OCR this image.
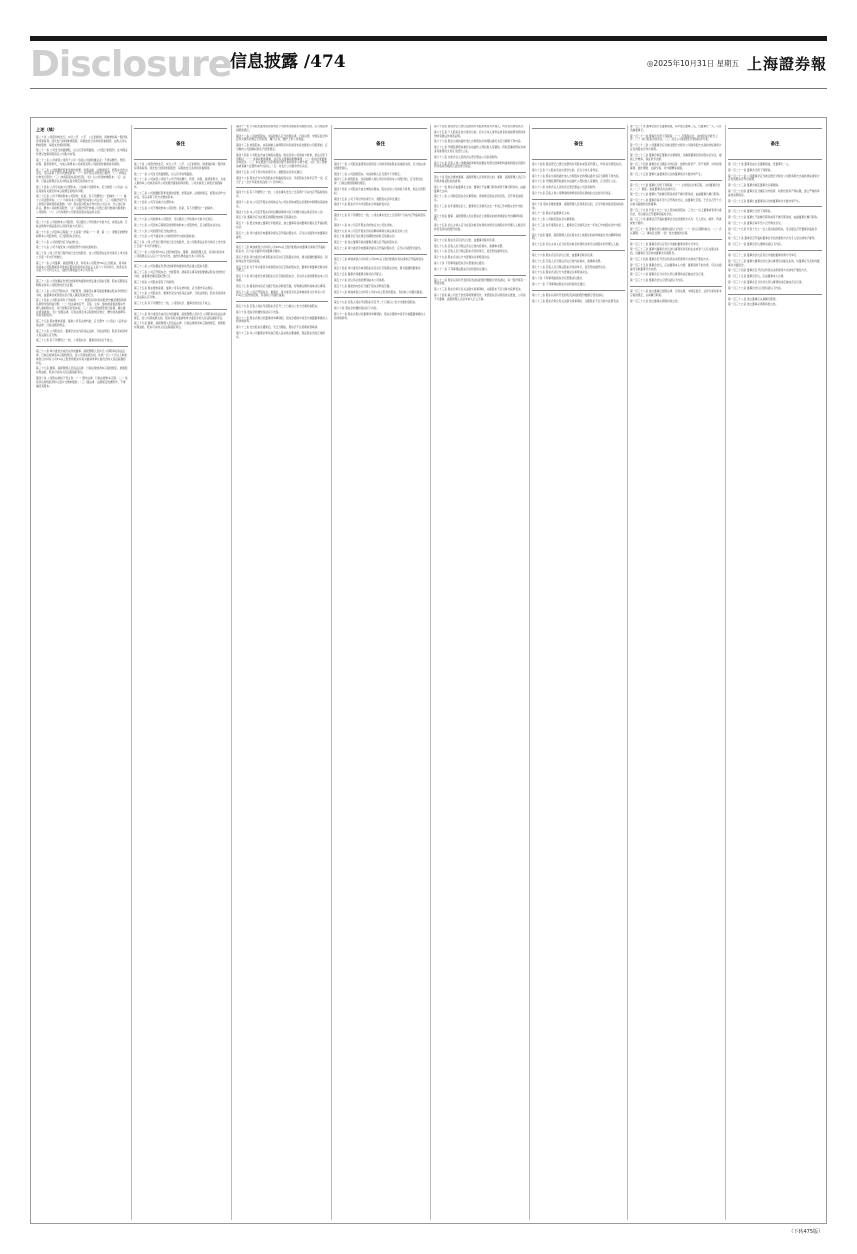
Disclosure
信息披露 /474	◎2025年10月31日 星期五 上海證券報
上述（续）

第二十条 公司股份的发行，实行公开、公平、公正的原则，同种类的每一股份具有同等权利。同次发行的同种类股票，每股的发行条件和价格相同；认购人所认购的股份，每股支付相同价额。

第二十一条 公司发行的面额股，以人民币标明面值。公司发行的股份，在中国证券登记结算有限责任公司集中存管。

第二十二条 公司或者公司的子公司（包括公司的附属企业）不得以赠与、垫资、担保、借款等形式，为他人取得本公司或者其母公司的股份提供财务资助。

第二十三条 公司根据经营和发展的需要，依照法律、法规的规定，经股东会作出决议，可以采用下列方式增加资本：（一）向不特定对象发行股份；（二）向特定对象发行股份；（三）向现有股东派送红股；（四）以公积金转增股本；（五）法律、行政法规规定以及中国证监会规定的其他方式。

第二十四条 公司可以减少注册资本。公司减少注册资本，应当按照《公司法》以及其他有关规定和本章程规定的程序办理。

第二十五条 公司不得收购本公司股份。但是，有下列情形之一的除外：（一）减少公司注册资本；（二）与持有本公司股份的其他公司合并；（三）将股份用于员工持股计划或者股权激励；（四）股东因对股东会作出的公司合并、分立决议持异议，要求公司收购其股份；（五）将股份用于转换公司发行的可转换为股票的公司债券；（六）公司为维护公司价值及股东权益所必需。

第二十六条 公司收购本公司股份，可以通过公开的集中交易方式，或者法律、行政法规和中国证监会认可的其他方式进行。

第二十七条 公司因本章程第二十五条第一款第（一）项、第（二）项规定的情形收购本公司股份的，应当经股东会决议。

第二十八条 公司的股份应当依法转让。

第二十九条 公司不接受本公司的股份作为质权的标的。

第三十条 公司公开发行股份前已发行的股份，自公司股票在证券交易所上市交易之日起一年内不得转让。

第三十一条 公司董事、高级管理人员、持有本公司股份5%以上的股东，将其持有的本公司股票或者其他具有股权性质的证券在买入后六个月内卖出，或者在卖出后六个月内又买入，由此所得收益归本公司所有。

第三十二条 公司依据证券登记结算机构提供的凭证建立股东名册，股东名册是证明股东持有公司股份的充分证据。

第三十三条 公司召开股东会、分配股利、清算及从事其他需要确认股东身份的行为时，由董事会或者股东会召集人确定股权登记日。

第三十四条 公司股东享有下列权利：（一）依照其所持有的股份份额获得股利和其他形式的利益分配；（二）依法请求召开、召集、主持、参加或者委派股东代理人参加股东会，并行使相应的表决权；（三）对公司的经营进行监督，提出建议或者质询；（四）依照法律、行政法规及本章程的规定转让、赠与或者质押其所持有的股份。

第三十五条 股东要求查阅、复制公司有关材料的，应当遵守《公司法》《证券法》等法律、行政法规的规定。

第三十六条 公司股东会、董事会决议内容违反法律、行政法规的，股东有权请求人民法院认定无效。

第三十七条 有下列情形之一的，公司股东会、董事会的决议不成立。

第三十八条 审计委员会成员以外的董事、高级管理人员执行公司职务时违反法律、行政法规或者本章程的规定，给公司造成损失的，连续一百八十日以上单独或者合计持有公司1%以上股份的股东有权书面请求审计委员会向人民法院提起诉讼。

第三十九条 董事、高级管理人员违反法律、行政法规或者本章程的规定，损害股东利益的，股东可以向人民法院提起诉讼。

第四十条 公司股东承担下列义务：（一）遵守法律、行政法规和本章程；（二）依其所认购的股份和入股方式缴纳股款；（三）除法律、法规规定的情形外，不得抽回其股本。

备注

第二十条 公司股份的发行，实行公开、公平、公正的原则，同类别的每一股份具有同等权利。同次发行的同类别股份，每股的发行条件和价格相同。

第二十一条 公司发行的面额股，以人民币标明面值。

第二十二条 公司或者公司的子公司不得以赠与、垫资、担保、借款等形式，为他人取得本公司或者其母公司的股份提供财务资助，公司实施员工持股计划的除外。

第二十三条 公司根据经营和发展的需要，依照法律、法规的规定，经股东会作出决议，可以采用下列方式增加资本。

第二十四条 公司可以减少注册资本。

第二十五条 公司不得收购本公司股份。但是，有下列情形之一的除外。

第二十六条 公司收购本公司股份，可以通过公开的集中交易方式进行。

第二十七条 公司因本章程规定的情形收购本公司股份的，应当经股东会决议。

第二十八条 公司的股份应当依法转让。

第二十九条 公司不接受本公司的股份作为质权的标的。

第三十条 公司公开发行股份前已发行的股份，自公司股票在证券交易所上市交易之日起一年内不得转让。

第三十一条 公司持有5%以上股份的股东、董事、高级管理人员，将其持有的本公司股票在买入后六个月内卖出，由此所得收益归本公司所有。

第三十二条 公司依据证券登记结算机构提供的凭证建立股东名册。

第三十三条 公司召开股东会、分配股利、清算及从事其他需要确认股东身份的行为时，由董事会确定股权登记日。

第三十四条 公司股东享有下列权利。

第三十五条 股东要求查阅、复制公司有关材料的，应当遵守有关规定。

第三十六条 公司股东会、董事会决议内容违反法律、行政法规的，股东有权请求人民法院认定无效。

第三十七条 有下列情形之一的，公司股东会、董事会的决议不成立。

第三十八条 审计委员会成员以外的董事、高级管理人员执行公司职务时违反法律规定，给公司造成损失的，股东有权书面请求审计委员会向人民法院提起诉讼。

第三十九条 董事、高级管理人员违反法律、行政法规或者本章程的规定，损害股东利益的，股东可以向人民法院提起诉讼。

第四十一条 公司股东滥用股东权利给公司或者其他股东造成损失的，应当依法承担赔偿责任。

第四十二条 公司控股股东、实际控制人应当依照法律、行政法规、中国证监会和证券交易所的规定行使权利、履行义务，维护上市公司利益。

第四十三条 控股股东、实际控制人质押其所持有或者实际支配的公司股票的，应当维持公司控制权和生产经营稳定。

第四十四条 公司股东会由全体股东组成。股东会是公司的权力机构，依法行使下列职权：（一）选举和更换董事，决定有关董事的报酬事项；（二）审议批准董事会的报告；（三）审议批准公司的利润分配方案和弥补亏损方案；（四）对公司增加或者减少注册资本作出决议；（五）对发行公司债券作出决议。

第四十五条 公司下列对外担保行为，须经股东会审议通过。

第四十六条 股东会分为年度股东会和临时股东会。年度股东会每年召开一次，应当于上一会计年度结束后的六个月内举行。

第四十七条 有下列情形之一的，公司在事实发生之日起两个月以内召开临时股东会。

第四十八条 本公司召开股东会的地点为公司住所地或股东会通知中载明的其他地点。

第四十九条 本公司召开股东会时将聘请律师对以下问题出具法律意见并公告。

第五十条 董事会应当在规定的期限内按时召集股东会。

第五十一条 经全体独立董事过半数同意，独立董事有权向董事会提议召开临时股东会。

第五十二条 审计委员会向董事会提议召开临时股东会，应当以书面形式向董事会提出。

第五十三条 单独或者合计持有公司10%以上股份的股东向董事会请求召开临时股东会，应当以书面形式向董事会提出。

第五十四条 审计委员会或者股东决定自行召集股东会的，须书面通知董事会，同时向证券交易所备案。

第五十五条 对于审计委员会或者股东自行召集的股东会，董事会和董事会秘书将予配合。

第五十六条 审计委员会或者股东自行召集的股东会，会议所必需的费用由本公司承担。

第五十七条 提案的内容应当属于股东会职权范围，有明确议题和具体决议事项。

第五十八条 公司召开股东会，董事会、审计委员会以及单独或者合计持有公司1%以上股份的股东，有权向公司提出提案。

第五十九条 召集人将在年度股东会召开二十日前以公告方式通知各股东。

第六十条 股东会的通知包括以下内容。

第六十一条 股东会拟讨论董事选举事项的，股东会通知中将充分披露董事候选人的详细资料。

第六十二条 发出股东会通知后，无正当理由，股东会不应延期或者取消。

第六十三条 本公司董事会和其他召集人将采取必要措施，保证股东会的正常秩序。

备注

第四十一条 公司股东滥用股东权利给公司或者其他股东造成损失的，应当依法承担赔偿责任。

第四十二条 公司控股股东、实际控制人应当遵守下列规定。

第四十三条 控股股东、实际控制人转让其所持有的本公司股份的，应当遵守法律、行政法规的限制性规定。

第四十四条 公司股东会由全体股东组成。股东会是公司的权力机构，依法行使职权。

第四十五条 公司下列对外担保行为，须经股东会审议通过。

第四十六条 股东会分为年度股东会和临时股东会。

第四十七条 有下列情形之一的，公司在事实发生之日起两个月以内召开临时股东会。

第四十八条 本公司召开股东会的地点为公司住所地。

第四十九条 本公司召开股东会时将聘请律师出具法律意见并公告。

第五十条 董事会应当在规定的期限内按时召集股东会。

第五十一条 独立董事有权向董事会提议召开临时股东会。

第五十二条 审计委员会向董事会提议召开临时股东会，应当以书面形式提出。

第五十三条 单独或者合计持有公司10%以上股份的股东有权请求召开临时股东会。

第五十四条 审计委员会或者股东决定自行召集股东会的，须书面通知董事会。

第五十五条 董事会和董事会秘书将予配合。

第五十六条 会议所必需的费用由本公司承担。

第五十七条 提案的内容应当属于股东会职权范围。

第五十八条 单独或者合计持有公司1%以上股份的股东，有权向公司提出提案。

第五十九条 召集人将在年度股东会召开二十日前以公告方式通知各股东。

第六十条 股东会的通知包括以下内容。

第六十一条 股东会拟讨论董事选举事项的，股东会通知中将充分披露董事候选人的详细资料。

第六十四条 股权登记日登记在册的所有股东或者其代理人，均有权出席股东会。

第六十五条 个人股东亲自出席会议的，应出示本人身份证或者其他能够表明其身份的有效证件或者证明。

第六十六条 股东出具的委托他人出席股东会的授权委托书应当载明下列内容。

第六十七条 代理投票授权委托书由委托人授权他人签署的，授权签署的授权书或者其他授权文件应当经过公证。

第六十八条 出席会议人员的会议登记册由公司负责制作。

第六十九条 召集人和公司聘请的律师将依据证券登记结算机构提供的股东名册共同对股东资格的合法性进行验证。

第七十条 股东会要求董事、高级管理人员列席会议的，董事、高级管理人员应当列席并接受股东的质询。

第七十一条 股东会由董事长主持。董事长不能履行职务或者不履行职务时，由副董事长主持。

第七十二条 公司制定股东会议事规则，详细规定股东会的召集、召开和表决程序。

第七十三条 在年度股东会上，董事会应当就其过去一年的工作向股东会作出报告。

第七十四条 董事、高级管理人员在股东会上就股东的质询和建议作出解释和说明。

第七十五条 会议主持人应当在表决前宣布现场出席会议的股东和代理人人数及所持有表决权的股份总数。

第七十六条 股东会应有会议记录，由董事会秘书负责。

第七十七条 召集人应当保证会议记录内容真实、准确和完整。

第七十八条 召集人应当保证股东会连续举行，直至形成最终决议。

第七十九条 股东会决议分为普通决议和特别决议。

第八十条 下列事项由股东会以普通决议通过。

第八十一条 下列事项由股东会以特别决议通过。

第八十二条 股东以其所代表的有表决权的股份数额行使表决权，每一股份享有一票表决权。

第八十三条 股东会审议有关关联交易事项时，关联股东不应当参与投票表决。

第八十四条 除公司处于危机等特殊情况外，非经股东会以特别决议批准，公司将不与董事、高级管理人员以外的人订立合同。

备注

第六十四条 股权登记日登记在册的所有股东或者其代理人，均有权出席股东会。

第六十五条 个人股东亲自出席会议的，应出示本人身份证。

第六十六条 股东出具的委托他人出席股东会的授权委托书应当载明下列内容。

第六十七条 代理投票授权委托书由委托人授权他人签署的，应当经过公证。

第六十八条 出席会议人员的会议登记册由公司负责制作。

第六十九条 召集人和公司聘请的律师将对股东资格的合法性进行验证。

第七十条 股东会要求董事、高级管理人员列席会议的，应当列席并接受股东的质询。

第七十一条 股东会由董事长主持。

第七十二条 公司制定股东会议事规则。

第七十三条 在年度股东会上，董事会应当就其过去一年的工作向股东会作出报告。

第七十四条 董事、高级管理人员在股东会上就股东的质询和建议作出解释和说明。

第七十五条 会议主持人应当在表决前宣布现场出席会议的股东和代理人人数。

第七十六条 股东会应有会议记录，由董事会秘书负责。

第七十七条 召集人应当保证会议记录内容真实、准确和完整。

第七十八条 召集人应当保证股东会连续举行，直至形成最终决议。

第七十九条 股东会决议分为普通决议和特别决议。

第八十条 下列事项由股东会以普通决议通过。

第八十一条 下列事项由股东会以特别决议通过。

第八十二条 股东以其所代表的有表决权的股份数额行使表决权。

第八十三条 股东会审议有关关联交易事项时，关联股东不应当参与投票表决。

第一百二十条 董事会由九名董事组成，其中独立董事三名，设董事长一人，可以设副董事长。

第一百二十一条 董事会行使下列职权：（一）召集股东会，并向股东会报告工作；（二）执行股东会的决议；（三）决定公司的经营计划和投资方案。

第一百二十二条 公司董事会应当就注册会计师对公司财务报告出具的非标准审计意见向股东会作出说明。

第一百二十三条 董事会制定董事会议事规则，以确保董事会落实股东会决议，提高工作效率，保证科学决策。

第一百二十四条 董事会应当确定对外投资、收购出售资产、资产抵押、对外担保事项、委托理财、关联交易、对外捐赠等权限。

第一百二十五条 董事长由董事会以全体董事的过半数选举产生。

第一百二十六条 董事长行使下列职权：（一）主持股东会和召集、主持董事会会议；（二）督促、检查董事会决议的执行。

第一百二十七条 董事长不能履行职务或者不履行职务的，由副董事长履行职务。

第一百二十八条 董事会每年至少召开两次会议，由董事长召集，于会议召开十日以前书面通知全体董事。

第一百二十九条 代表十分之一以上表决权的股东、三分之一以上董事或者审计委员会，可以提议召开董事会临时会议。

第一百三十条 董事会召开临时董事会会议的通知方式为：专人送达、邮件、传真或电子邮件。

第一百三十一条 董事会会议通知包括以下内容：（一）会议日期和地点；（二）会议期限；（三）事由及议题；（四）发出通知的日期。

第一百三十二条 董事会会议应有过半数的董事出席方可举行。

第一百三十三条 董事与董事会会议决议事项所涉及的企业或者个人有关联关系的，该董事应当及时向董事会书面报告。

第一百三十四条 董事会召开会议和表决采用现场方式或电子通信方式。

第一百三十五条 董事会会议，应由董事本人出席；董事因故不能出席，可以书面委托其他董事代为出席。

第一百三十六条 董事会应当对会议所议事项的决定做成会议记录。

第一百三十七条 董事会会议记录包括以下内容。

第一百三十八条 独立董事应按照法律、行政法规、中国证监会、证券交易所和本章程的规定，认真履行职责。

第一百三十九条 独立董事必须保持独立性。

备注

第一百二十条 董事会由九名董事组成，设董事长一人。

第一百二十一条 董事会行使下列职权。

第一百二十二条 公司董事会应当就注册会计师对公司财务报告出具的非标准审计意见向股东会作出说明。

第一百二十三条 董事会制定董事会议事规则。

第一百二十四条 董事会应当确定对外投资、收购出售资产等权限，建立严格的审查和决策程序。

第一百二十五条 董事长由董事会以全体董事的过半数选举产生。

第一百二十六条 董事长行使下列职权。

第一百二十七条 董事长不能履行职务或者不履行职务的，由副董事长履行职务。

第一百二十八条 董事会每年至少召开两次会议。

第一百二十九条 代表十分之一以上表决权的股东，可以提议召开董事会临时会议。

第一百三十条 董事会召开临时董事会会议的通知方式为专人送达或电子邮件。

第一百三十一条 董事会会议通知包括以下内容。

第一百三十二条 董事会会议应有过半数的董事出席方可举行。

第一百三十三条 董事与董事会会议决议事项有关联关系的，该董事应当及时向董事会书面报告。

第一百三十四条 董事会召开会议和表决采用现场方式或电子通信方式。

第一百三十五条 董事会会议，应由董事本人出席。

第一百三十六条 董事会应当对会议所议事项的决定做成会议记录。

第一百三十七条 董事会会议记录包括以下内容。

第一百三十八条 独立董事应认真履行职责。

第一百三十九条 独立董事必须保持独立性。

（下转475版）
